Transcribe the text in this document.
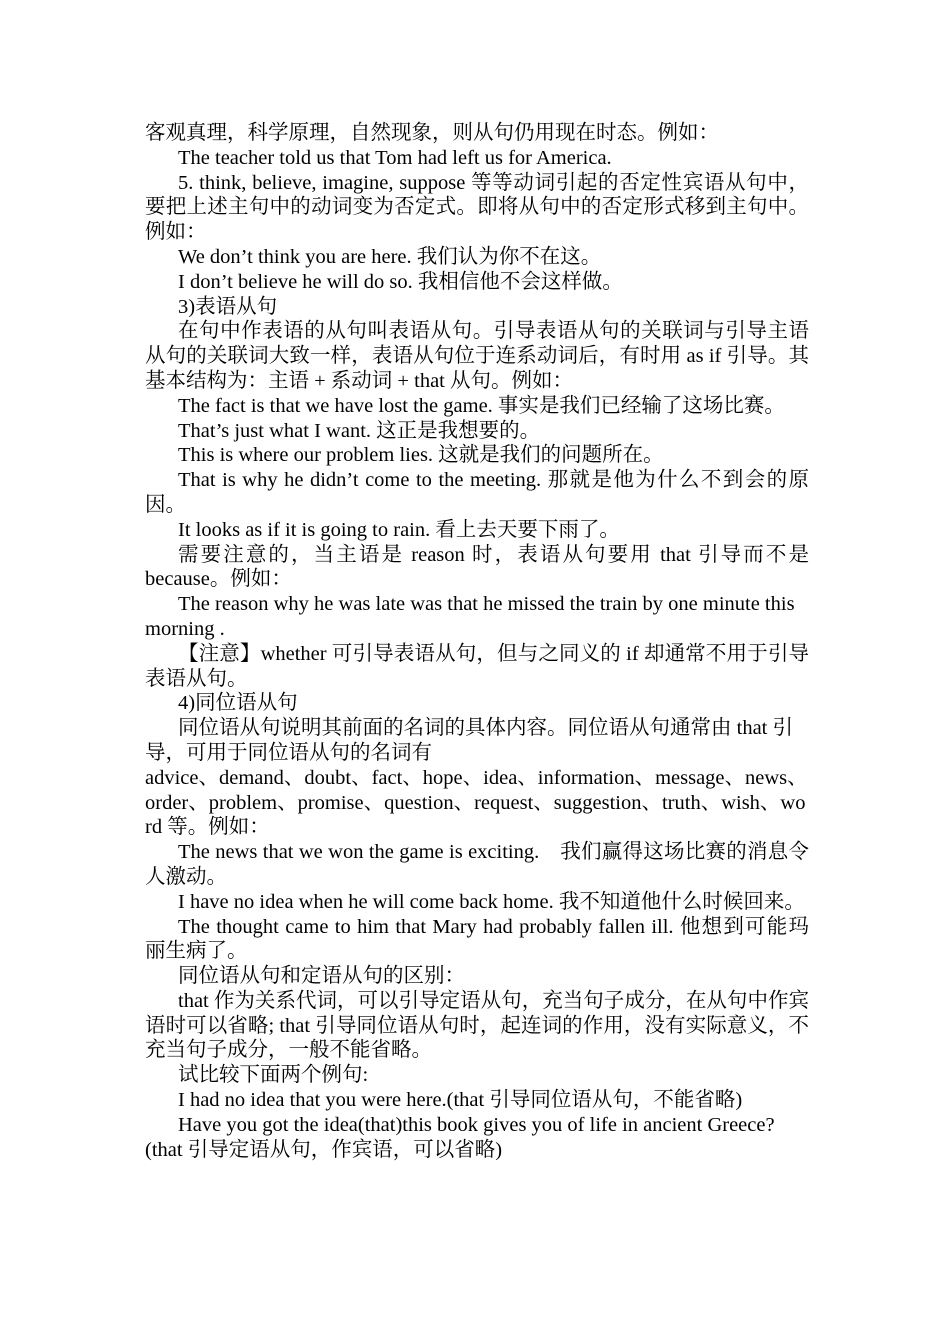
客观真理，科学原理，自然现象，则从句仍用现在时态。例如：

The teacher told us that Tom had left us for America.

5. think, believe, imagine, suppose 等等动词引起的否定性宾语从句中，要把上述主句中的动词变为否定式。即将从句中的否定形式移到主句中。例如：

We don’t think you are here. 我们认为你不在这。

I don’t believe he will do so. 我相信他不会这样做。

3)表语从句

在句中作表语的从句叫表语从句。引导表语从句的关联词与引导主语从句的关联词大致一样，表语从句位于连系动词后，有时用 as if 引导。其基本结构为：主语 + 系动词 + that 从句。例如：

The fact is that we have lost the game. 事实是我们已经输了这场比赛。

That’s just what I want. 这正是我想要的。

This is where our problem lies. 这就是我们的问题所在。

That is why he didn’t come to the meeting. 那就是他为什么不到会的原因。

It looks as if it is going to rain. 看上去天要下雨了。

需要注意的，当主语是 reason 时，表语从句要用 that 引导而不是 because。例如：

The reason why he was late was that he missed the train by one minute this morning .

【注意】whether 可引导表语从句，但与之同义的 if 却通常不用于引导表语从句。

4)同位语从句

同位语从句说明其前面的名词的具体内容。同位语从句通常由 that 引导，可用于同位语从句的名词有

advice、demand、doubt、fact、hope、idea、information、message、news、order、problem、promise、question、request、suggestion、truth、wish、word 等。例如：

The news that we won the game is exciting.　我们赢得这场比赛的消息令人激动。

I have no idea when he will come back home. 我不知道他什么时候回来。

The thought came to him that Mary had probably fallen ill. 他想到可能玛丽生病了。

同位语从句和定语从句的区别：

that 作为关系代词，可以引导定语从句，充当句子成分，在从句中作宾语时可以省略; that 引导同位语从句时，起连词的作用，没有实际意义，不充当句子成分，一般不能省略。

试比较下面两个例句:

I had no idea that you were here.(that 引导同位语从句，不能省略)

Have you got the idea(that)this book gives you of life in ancient Greece?(that 引导定语从句，作宾语，可以省略)
